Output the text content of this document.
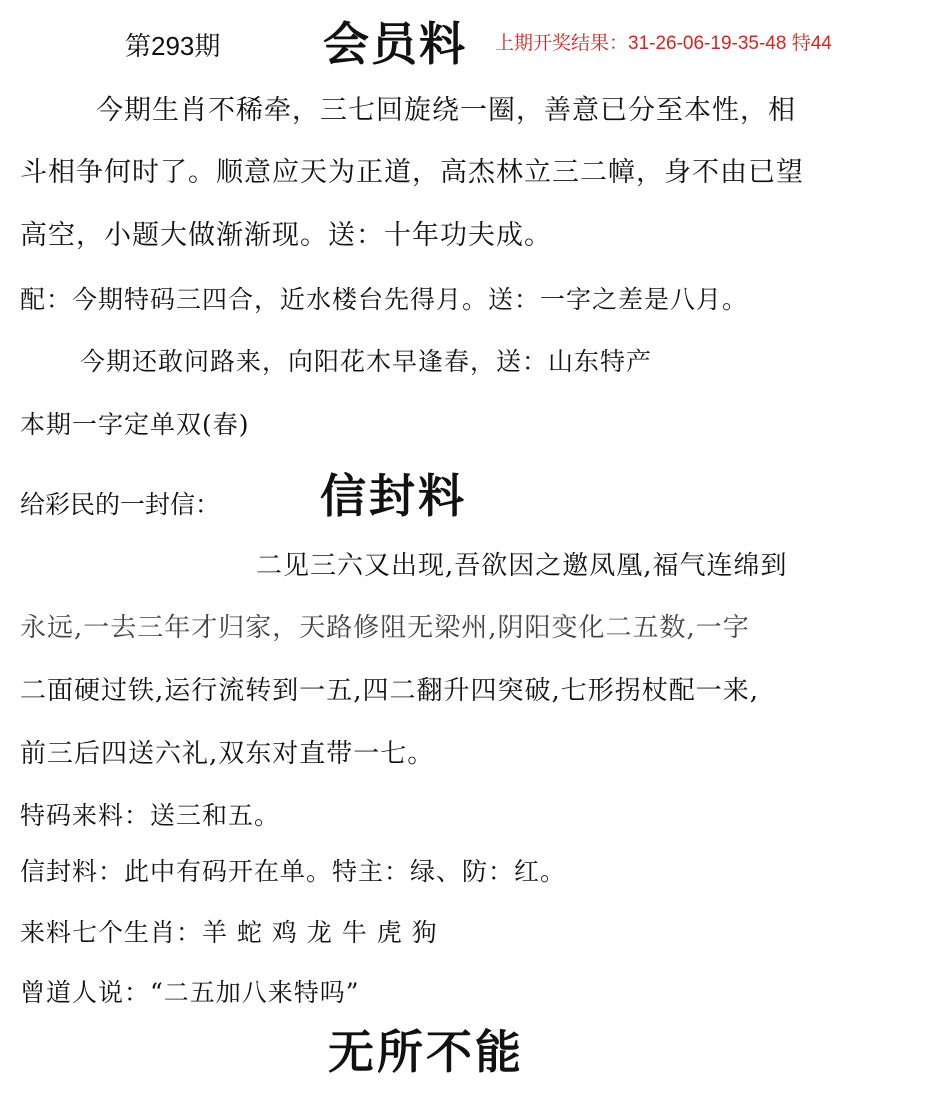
第293期 会员料 上期开奖结果：31-26-06-19-35-48 特44
今期生肖不稀牵，三七回旋绕一圈，善意已分至本性，相
斗相争何时了。顺意应天为正道，高杰林立三二幛，身不由已望
高空，小题大做渐渐现。送：十年功夫成。
配：今期特码三四合，近水楼台先得月。送：一字之差是八月。
今期还敢问路来，向阳花木早逢春，送：山东特产
本期一字定单双(春)
给彩民的一封信： 信封料
二见三六又出现,吾欲因之邀凤凰,福气连绵到
永远,一去三年才归家，天路修阻无梁州,阴阳变化二五数,一字
二面硬过铁,运行流转到一五,四二翻升四突破,七形拐杖配一来,
前三后四送六礼,双东对直带一七。
特码来料：送三和五。
信封料：此中有码开在单。特主：绿、防：红。
来料七个生肖：羊 蛇 鸡 龙 牛 虎 狗
曾道人说：“二五加八来特吗”
无所不能
